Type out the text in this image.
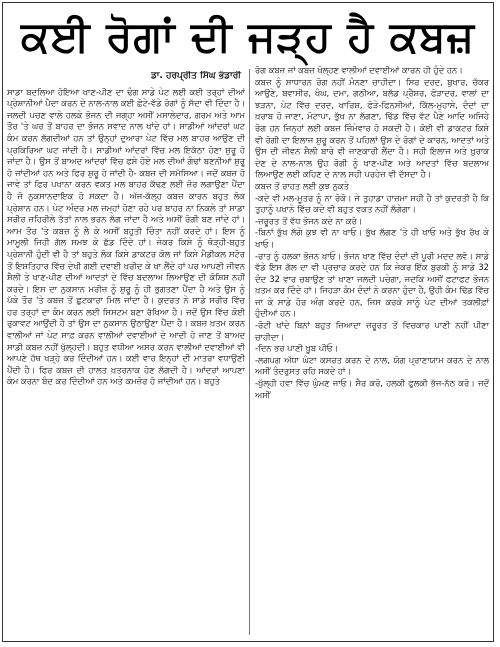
ਕਈ ਰੋਗਾਂ ਦੀ ਜੜ੍ਹ ਹੈ ਕਬਜ਼
ਡਾ. ਹਰਪ੍ਰੀਤ ਸਿੰਘ ਭੰਡਾਰੀ

ਸਾਡਾ ਬਦਲਿਆ ਹੋਇਆ ਖਾਣ-ਪੀਣ ਦਾ ਢੰਗ ਸਾਡੇ ਪੇਟ ਲਈ ਕਈ ਤਰ੍ਹਾਂ ਦੀਆਂ ਪ੍ਰੇਸ਼ਾਨੀਆਂ ਪੈਦਾ ਕਰਨ ਦੇ ਨਾਲ-ਨਾਲ ਕਈ ਛੋਟੇ-ਵੱਡੇ ਰੋਗਾਂ ਨੂੰ ਸੱਦਾ ਵੀ ਦਿੰਦਾ ਹੈ। ਜਲਦੀ ਪਚਣ ਵਾਲੇ ਹਲਕੇ ਭੋਜਨ ਦੀ ਜਗ੍ਹਾ ਅਸੀਂ ਮਸਾਲੇਦਾਰ, ਗਰਮ ਅਤੇ ਆਮ ਤੌਰ 'ਤੇ ਘਰ ਤੋਂ ਬਾਹਰ ਦਾ ਭੋਜਨ ਸਵਾਦ ਨਾਲ ਖਾਂਦੇ ਹਾਂ। ਸਾਡੀਆਂ ਆਂਦਰਾਂ ਘਟ ਕੰਮ ਕਰਨ ਲੱਗਦੀਆਂ ਹਨ ਤਾਂ ਉਨ੍ਹਾਂ ਦੁਆਰਾ ਪੇਟ ਵਿੱਚ ਮਲ ਬਾਹਰ ਆਉਣ ਦੀ ਪ੍ਰਕਿਰਿਆ ਘਟ ਜਾਂਦੀ ਹੈ। ਸਾਡੀਆਂ ਆਂਦਰਾਂ ਵਿੱਚ ਮਲ ਇਕੱਠਾ ਹੋਣਾ ਸ਼ੁਰੂ ਹੋ ਜਾਂਦਾ ਹੈ। ਉਸ ਤੋਂ ਬਾਅਦ ਆਂਦਰਾਂ ਵਿੱਚ ਫਸੇ ਹੋਏ ਮਲ ਦੀਆਂ ਗੰਢਾਂ ਬਣਨੀਆਂ ਸ਼ੁਰੂ ਹੋ ਜਾਂਦੀਆਂ ਹਨ ਅਤੇ ਫਿਰ ਸ਼ੁਰੂ ਹੋ ਜਾਂਦੀ ਹੈ- ਕਬਜ਼ ਦੀ ਸਮੱਸਿਆ। ਜਦੋਂ ਕਬਜ਼ ਹੋ ਜਾਵੇ ਤਾਂ ਫਿਰ ਪਖਾਨਾ ਕਰਨ ਵਕਤ ਮਲ ਬਾਹਰ ਕੱਢਣ ਲਈ ਜ਼ੋਰ ਲਗਾਉਣਾ ਪੈਂਦਾ ਹੈ ਜੋ ਨੁਕਸਾਨਦਾਇਕ ਹੋ ਸਕਦਾ ਹੈ। ਅੱਜ-ਕੱਲ੍ਹ ਕਬਜ਼ ਕਾਰਨ ਬਹੁਤ ਲੋਕ ਪ੍ਰੇਸ਼ਾਨ ਹਨ। ਪੇਟ ਅੰਦਰ ਮਲ ਜਮ੍ਹਾਂ ਹੋਣਾ ਰਹੇ ਪਰ ਬਾਹਰ ਨਾ ਨਿਕਲੇ ਤਾਂ ਸਾਡਾ ਸਰੀਰ ਜ਼ਹਿਰੀਲੇ ਤੱਤਾਂ ਨਾਲ ਭਰਨ ਲੱਗ ਜਾਂਦਾ ਹੈ ਅਤੇ ਅਸੀਂ ਰੋਗੀ ਬਣ ਜਾਂਦੇ ਹਾਂ। ਆਮ ਤੌਰ 'ਤੇ ਕਬਜ਼ ਨੂੰ ਲੈ ਕੇ ਅਸੀਂ ਬਹੁਤੀ ਚਿੰਤਾ ਨਹੀਂ ਕਰਦੇ ਹਾਂ। ਇਸ ਨੂੰ ਮਾਮੂਲੀ ਜਿਹੀ ਗੱਲ ਸਮਝ ਕੇ ਛੱਡ ਦਿੰਦੇ ਹਾਂ। ਜੇਕਰ ਕਿਸੇ ਨੂੰ ਥੋੜ੍ਹੀ-ਬਹੁਤ ਪ੍ਰੇਸ਼ਾਨੀ ਹੁੰਦੀ ਵੀ ਹੈ ਤਾਂ ਬਹੁਤੇ ਲੋਕ ਕਿਸੇ ਡਾਕਟਰ ਕੋਲ ਜਾਂ ਕਿਸੇ ਮੈਡੀਕਲ ਸਟੋਰ ਤੋਂ ਇਸ਼ਤਿਹਾਰ ਵਿੱਚ ਦੇਖੀ ਗਈ ਦਵਾਈ ਖ਼ਰੀਦ ਕੇ ਖਾ ਲੈਂਦੇ ਹਾਂ ਪਰ ਆਪਣੀ ਜੀਵਨ ਸ਼ੈਲੀ ਤੇ ਖਾਣ-ਪੀਣ ਦੀਆਂ ਆਦਤਾਂ ਦੇ ਵਿੱਚ ਬਦਲਾਅ ਲਿਆਉਣ ਦੀ ਕੋਸ਼ਿਸ਼ ਨਹੀਂ ਕਰਦੇ। ਇਸ ਦਾ ਨੁਕਸਾਨ ਮਰੀਜ਼ ਨੂੰ ਸ਼ੁਰੂ ਨੂੰ ਹੀ ਭੁਗਤਣਾ ਪੈਂਦਾ ਹੈ ਅਤੇ ਉਸ ਨੂੰ ਪੱਕੇ ਤੌਰ 'ਤੇ ਕਬਜ਼ ਤੋਂ ਛੁਟਕਾਰਾ ਮਿਲ ਜਾਂਦਾ ਹੈ। ਕੁਦਰਤ ਨੇ ਸਾਡੇ ਸਰੀਰ ਵਿੱਚ ਹਰ ਤਰ੍ਹਾਂ ਦਾ ਕੰਮ ਕਰਨ ਲਈ ਸਿਸਟਮ ਬਣਾ ਰੱਖਿਆ ਹੈ। ਜਦੋਂ ਉਸ ਵਿੱਚ ਕੋਈ ਰੁਕਾਵਟ ਆਉਂਦੀ ਹੈ ਤਾਂ ਉਸ ਦਾ ਨੁਕਸਾਨ ਉਠਾਉਣਾ ਪੈਂਦਾ ਹੈ। ਕਬਜ਼ ਖ਼ਤਮ ਕਰਨ ਵਾਲੀਆਂ ਜਾਂ ਪੇਟ ਸਾਫ਼ ਕਰਨ ਵਾਲੀਆਂ ਦਵਾਈਆਂ ਦੇ ਆਦੀ ਹੋ ਜਾਣ ਤੋਂ ਬਾਅਦ ਸਾਡੀ ਕਬਜ਼ ਨਹੀਂ ਖੁੱਲ੍ਹਦੀ। ਬਹੁਤ ਵਧੀਆ ਅਸਰ ਕਰਨ ਵਾਲੀਆਂ ਦਵਾਈਆਂ ਵੀ ਆਪਣੇ ਹੱਥ ਖੜ੍ਹੇ ਕਰ ਦਿੰਦੀਆਂ ਹਨ। ਕਈ ਵਾਰ ਇਨ੍ਹਾਂ ਦੀ ਮਾਤਰਾ ਵਧਾਉਣੀ ਪੈਂਦੀ ਹੈ। ਫਿਰ ਕਬਜ਼ ਦੀ ਹਾਲਤ ਖ਼ਤਰਨਾਕ ਹੋਣ ਲੱਗਦੀ ਹੈ। ਆਂਦਰਾਂ ਆਪਣਾ ਕੰਮ ਕਰਨਾ ਬੰਦ ਕਰ ਦਿੰਦੀਆਂ ਹਨ ਅਤੇ ਕਮਜ਼ੋਰ ਹੋ ਜਾਂਦੀਆਂ ਹਨ। ਬਹੁਤੇ

ਰੋਗ ਕਬਜ਼ ਜਾਂ ਕਬਜ਼ ਖੋਲ੍ਹਣ ਵਾਲੀਆਂ ਦਵਾਈਆਂ ਕਾਰਨ ਹੀ ਹੁੰਦੇ ਹਨ।

ਕਬਜ਼ ਨੂੰ ਸਾਧਾਰਨ ਰੋਗ ਨਹੀਂ ਮੰਨਣਾ ਚਾਹੀਦਾ। ਸਿਰ ਦਰਦ, ਬੁਖਾਰ, ਚੱਕਰ ਆਉਣੇ, ਬਵਾਸੀਰ, ਖੰਘ, ਦਮਾ, ਗਠੀਆ, ਬਲੱਡ ਪ੍ਰੈਸ਼ਰ, ਫੋੜਾਦਰ, ਵਾਲਾਂ ਦਾ ਝੜਨਾ, ਪੇਟ ਵਿੱਚ ਦਰਦ, ਖਾਰਿਸ਼, ਫੋੜੇ-ਫਿਨਸੀਆਂ, ਕਿੱਲ-ਮੁਹਾਸੇ, ਦੰਦਾਂ ਦਾ ਖ਼ਰਾਬ ਹੋ ਜਾਣਾ, ਮੋਟਾਪਾ, ਭੁੱਖ ਨਾ ਲੱਗਣਾ, ਢਿੱਡ ਵਿੱਚ ਵੱਟ ਪੈਣੇ ਆਦਿ ਅਜਿਹੇ ਰੋਗ ਹਨ ਜਿਨ੍ਹਾਂ ਲਈ ਕਬਜ਼ ਜ਼ਿੰਮੇਵਾਰ ਹੋ ਸਕਦੀ ਹੈ। ਕੋਈ ਵੀ ਡਾਕਟਰ ਕਿਸੇ ਵੀ ਰੋਗੀ ਦਾ ਇਲਾਜ ਸ਼ੁਰੂ ਕਰਨ ਤੋਂ ਪਹਿਲਾਂ ਉਸ ਦੇ ਰੋਗਾਂ ਦੇ ਕਾਰਨ, ਆਦਤਾਂ ਅਤੇ ਉਸ ਦੀ ਜੀਵਨ ਸ਼ੈਲੀ ਬਾਰੇ ਵੀ ਜਾਣਕਾਰੀ ਲੈਂਦਾ ਹੈ। ਸਹੀ ਇਲਾਜ ਅਤੇ ਖ਼ੁਰਾਕ ਦੇਣ ਦੇ ਨਾਲ-ਨਾਲ ਉਹ ਰੋਗੀ ਨੂੰ ਖਾਣ-ਪੀਣ ਅਤੇ ਆਦਤਾਂ ਵਿੱਚ ਬਦਲਾਅ ਲਿਆਉਣ ਲਈ ਕਹਿਣ ਦੇ ਨਾਲ ਸਹੀ ਪਰਹੇਜ਼ ਵੀ ਦੱਸਦਾ ਹੈ।

ਕਬਜ਼ ਤੋਂ ਰਾਹਤ ਲਈ ਕੁਝ ਨੁਕਤੇ

-ਕਦੇ ਵੀ ਮਲ-ਮੂਤਰ ਨੂੰ ਨਾ ਰੋਕੋ। ਜੇ ਤੁਹਾਡਾ ਹਾਜ਼ਮਾ ਸਹੀ ਹੈ ਤਾਂ ਕੁਦਰਤੀ ਹੈ ਕਿ ਤੁਹਾਨੂੰ ਪਖਾਨੇ ਵਿੱਚ ਕਦੇ ਵੀ ਬਹੁਤ ਵਕਤ ਨਹੀਂ ਲੱਗੇਗਾ।

-ਜ਼ਰੂਰਤ ਤੋਂ ਵੱਧ ਭੋਜਨ ਕਦੇ ਨਾ ਕਰੋ।

-ਬਿਨਾਂ ਭੁੱਖ ਲੱਗੇ ਕੁਝ ਵੀ ਨਾ ਖਾਓ। ਭੁੱਖ ਲੱਗਣ 'ਤੇ ਹੀ ਖਾਓ ਅਤੇ ਭੁੱਖ ਰੱਖ ਕੇ ਖਾਓ।

-ਰਾਤ ਨੂੰ ਹਲਕਾ ਭੋਜਨ ਖਾਓ। ਭੋਜਨ ਖਾਣ ਵਿੱਚ ਦੰਦਾਂ ਦੀ ਪੂਰੀ ਮਦਦ ਲਵੋ। ਸਾਡੇ ਵੱਡੇ ਇਸ ਗੱਲ ਦਾ ਵੀ ਪ੍ਰਚਾਰ ਕਰਦੇ ਹਨ ਕਿ ਜੇਕਰ ਇੱਕ ਬੁਰਕੀ ਨੂੰ ਸਾਡੇ 32 ਦੰਦ 32 ਵਾਰ ਚਬਾਉਣ ਤਾਂ ਖਾਣਾ ਜਲਦੀ ਪਚੇਗਾ, ਜਦਕਿ ਅਸੀਂ ਫਟਾਫਟ ਭੋਜਨ ਖ਼ਤਮ ਕਰ ਦਿੰਦੇ ਹਾਂ। ਜਿਹੜਾ ਕੰਮ ਦੰਦਾਂ ਨੇ ਕਰਨਾ ਹੁੰਦਾ ਹੈ, ਉਹੀ ਕੰਮ ਢਿੱਡ ਵਿੱਚ ਜਾ ਕੇ ਸਾਡੇ ਹੋਰ ਅੰਗ ਕਰਦੇ ਹਨ, ਜਿਸ ਕਰਕੇ ਸਾਨੂੰ ਪੇਟ ਦੀਆਂ ਤਕਲੀਫ਼ਾਂ ਹੁੰਦੀਆਂ ਹਨ।

-ਰੋਟੀ ਖਾਂਦੇ ਬਿਨਾਂ ਬਹੁਤ ਜ਼ਿਆਦਾ ਜ਼ਰੂਰਤ ਤੋਂ ਵਿਚਕਾਰ ਪਾਣੀ ਨਹੀਂ ਪੀਣਾ ਚਾਹੀਦਾ।

-ਦਿਨ ਭਰ ਪਾਣੀ ਖ਼ੂਬ ਪੀਓ।

-ਲਗਪਗ ਅੱਧਾ ਘੰਟਾ ਕਸਰਤ ਕਰਨ ਦੇ ਨਾਲ, ਯੋਗ ਪ੍ਰਾਣਾਯਾਮ ਕਰਨ ਦੇ ਨਾਲ ਅਸੀਂ ਤੰਦਰੁਸਤ ਰਹਿ ਸਕਦੇ ਹਾਂ।

-ਖੁੱਲ੍ਹੀ ਹਵਾ ਵਿੱਚ ਘੁੰਮਣ ਜਾਓ। ਸੈਰ ਕਰੋ, ਹਲਕੀ ਫੁਲਕੀ ਭੱਜ-ਨੱਠ ਕਰੋ। ਜਦੋਂ ਅਸੀਂ
